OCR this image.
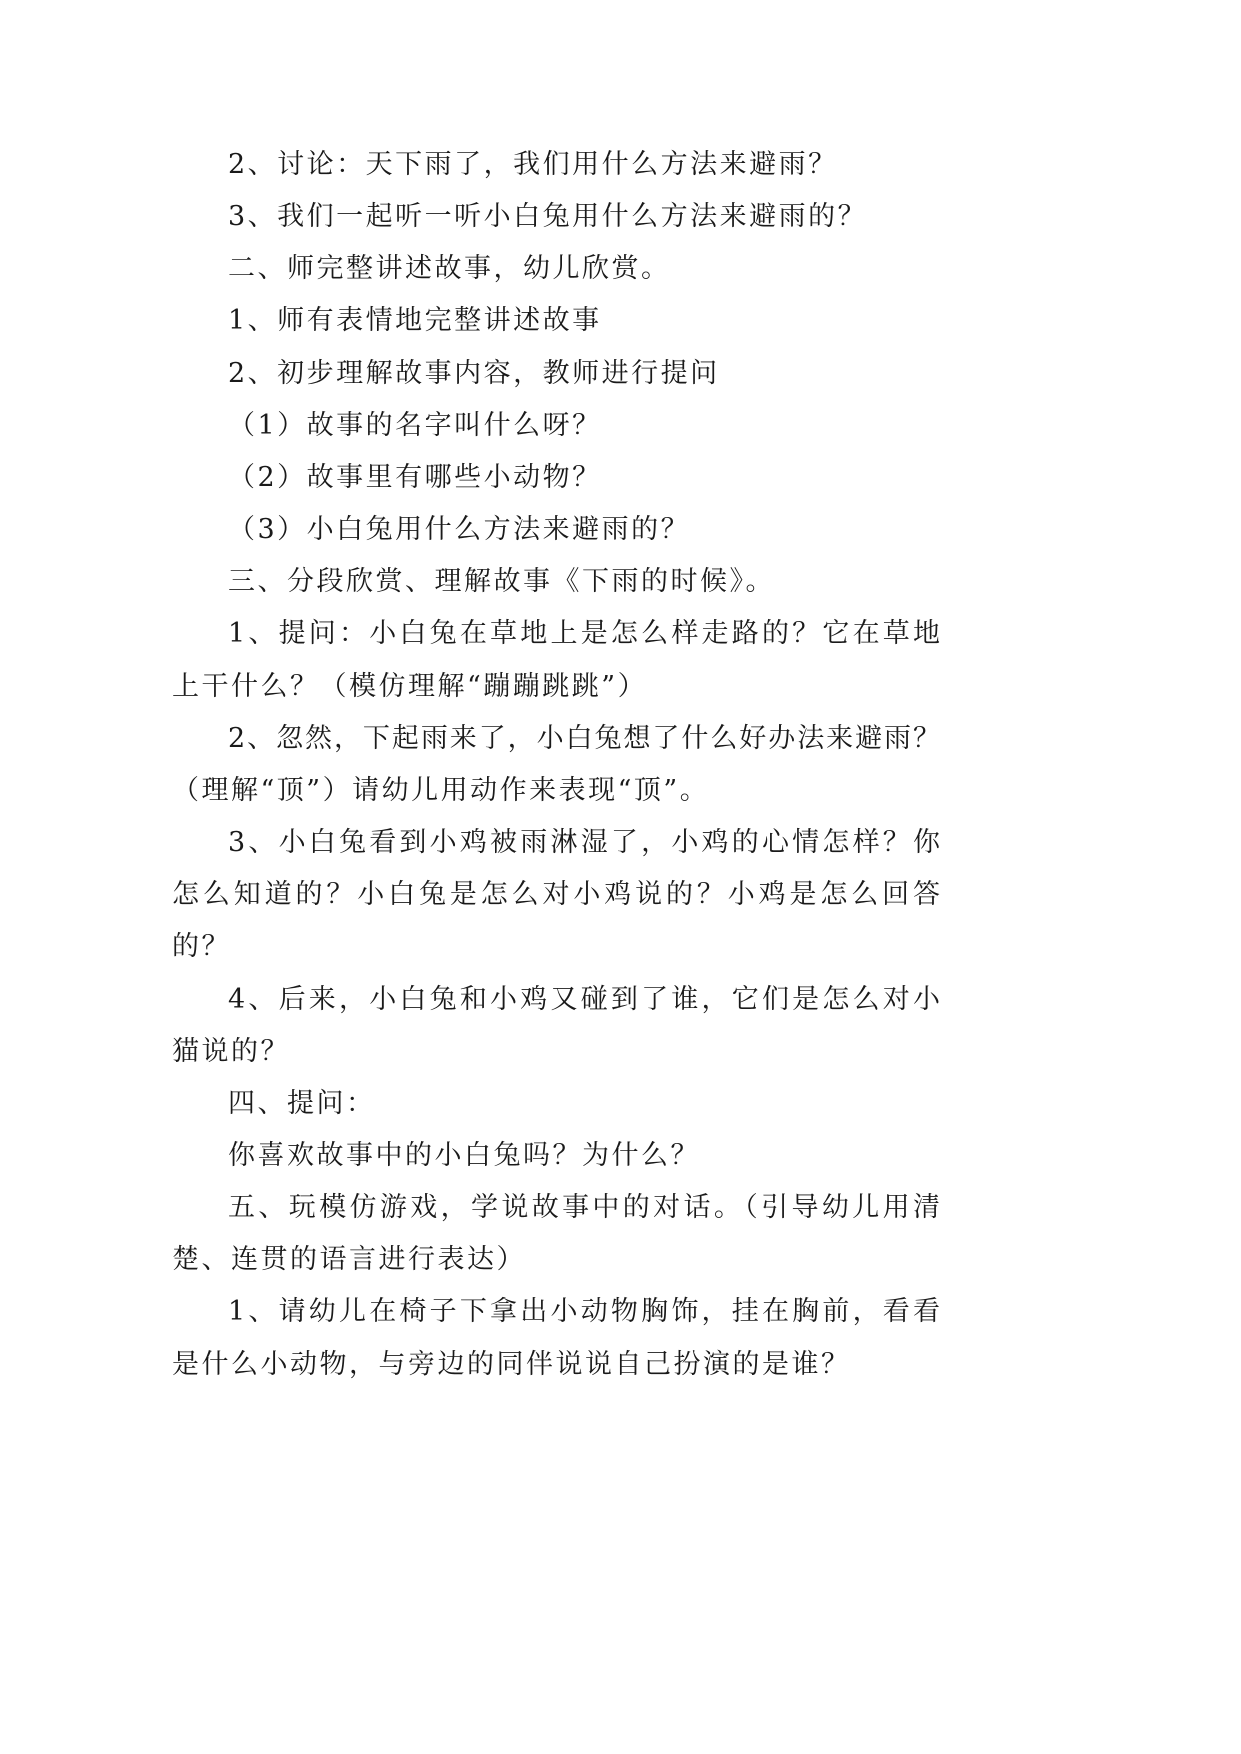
2、讨论：天下雨了，我们用什么方法来避雨？
3、我们一起听一听小白兔用什么方法来避雨的？
二、师完整讲述故事，幼儿欣赏。
1、师有表情地完整讲述故事
2、初步理解故事内容，教师进行提问
（1）故事的名字叫什么呀？
（2）故事里有哪些小动物？
（3）小白兔用什么方法来避雨的？
三、分段欣赏、理解故事《下雨的时候》。
1、提问：小白兔在草地上是怎么样走路的？它在草地
上干什么？（模仿理解“蹦蹦跳跳”）
2、忽然，下起雨来了，小白兔想了什么好办法来避雨？
（理解“顶”）请幼儿用动作来表现“顶”。
3、小白兔看到小鸡被雨淋湿了，小鸡的心情怎样？你
怎么知道的？小白兔是怎么对小鸡说的？小鸡是怎么回答
的？
4、后来，小白兔和小鸡又碰到了谁，它们是怎么对小
猫说的？
四、提问：
你喜欢故事中的小白兔吗？为什么？
五、玩模仿游戏，学说故事中的对话。（引导幼儿用清
楚、连贯的语言进行表达）
1、请幼儿在椅子下拿出小动物胸饰，挂在胸前，看看
是什么小动物，与旁边的同伴说说自己扮演的是谁？
